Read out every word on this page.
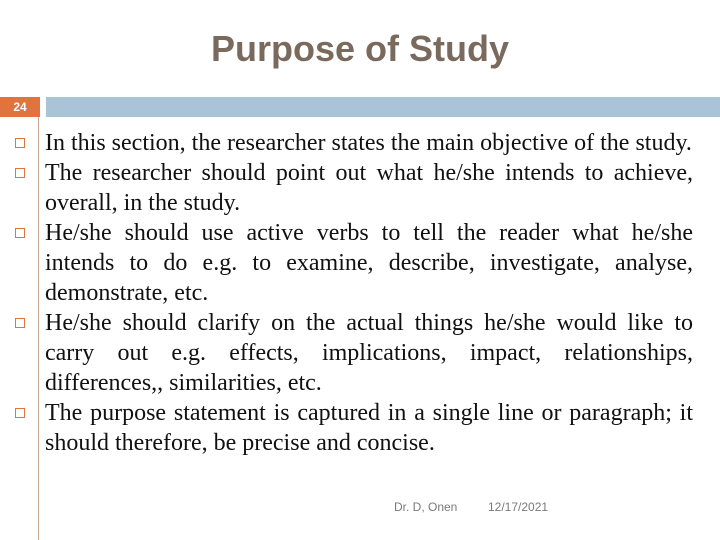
Purpose of Study
24
In this section, the researcher states the main objective of the study.
The researcher should point out what he/she intends to achieve, overall, in the study.
He/she should use active verbs to tell the reader what he/she intends to do e.g. to examine, describe, investigate, analyse, demonstrate, etc.
He/she should clarify on the actual things he/she would like to carry out e.g. effects, implications, impact, relationships, differences,, similarities, etc.
The purpose statement is captured in a single line or paragraph; it should therefore, be precise and concise.
Dr. D, Onen	12/17/2021
